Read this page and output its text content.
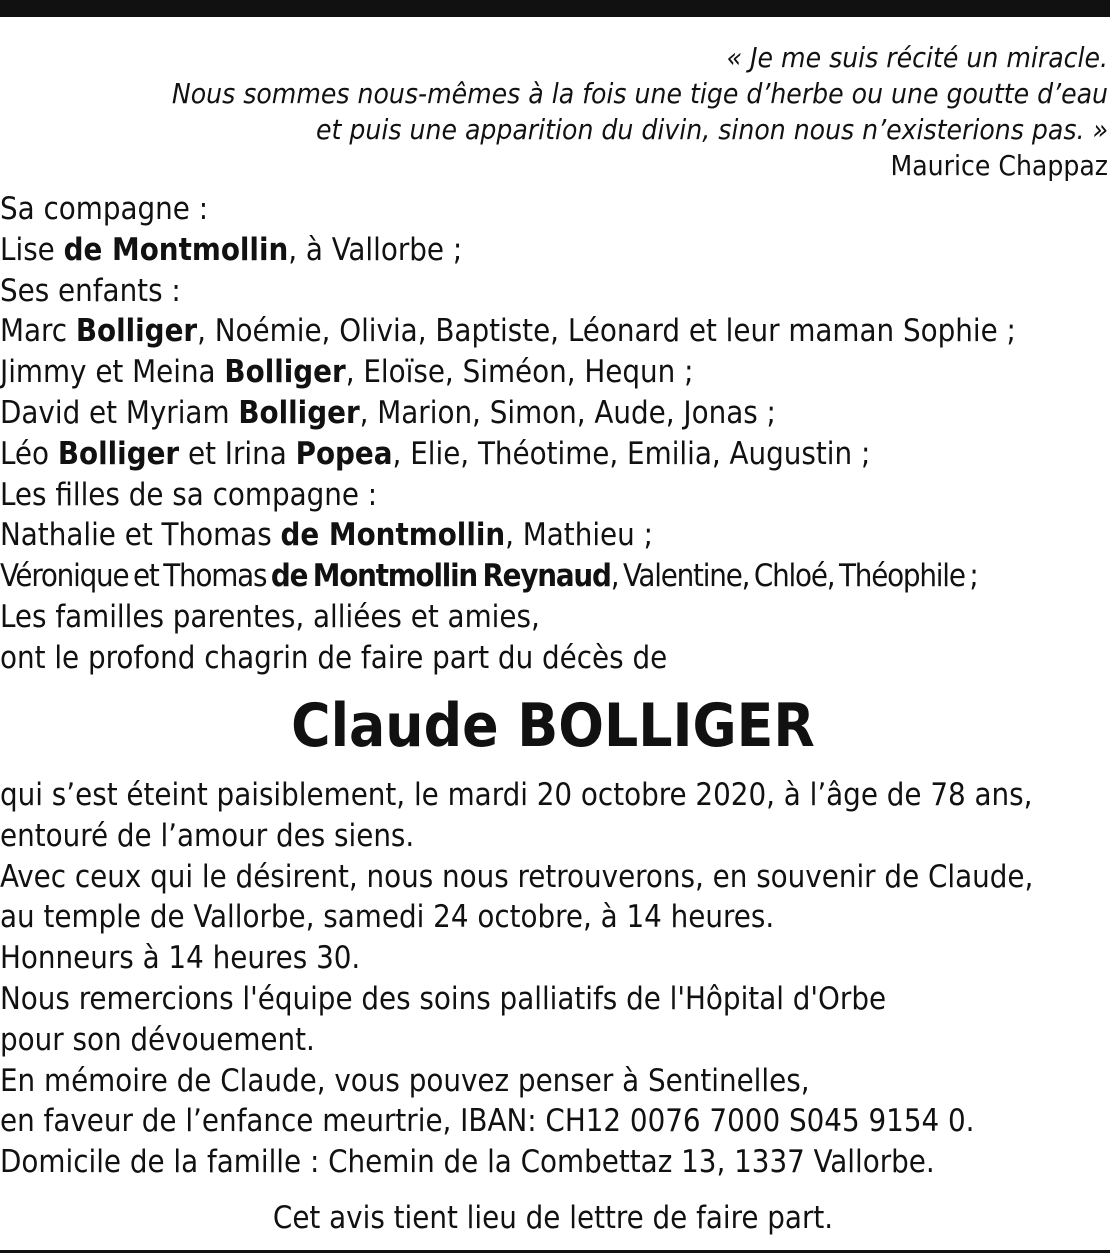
« Je me suis récité un miracle.
Nous sommes nous-mêmes à la fois une tige d’herbe ou une goutte d’eau
et puis une apparition du divin, sinon nous n’existerions pas. »
Maurice Chappaz
Sa compagne :
Lise de Montmollin, à Vallorbe ;
Ses enfants :
Marc Bolliger, Noémie, Olivia, Baptiste, Léonard et leur maman Sophie ;
Jimmy et Meina Bolliger, Eloïse, Siméon, Hequn ;
David et Myriam Bolliger, Marion, Simon, Aude, Jonas ;
Léo Bolliger et Irina Popea, Elie, Théotime, Emilia, Augustin ;
Les filles de sa compagne :
Nathalie et Thomas de Montmollin, Mathieu ;
Véronique et Thomas de Montmollin Reynaud, Valentine, Chloé, Théophile ;
Les familles parentes, alliées et amies,
ont le profond chagrin de faire part du décès de
Claude BOLLIGER
qui s’est éteint paisiblement, le mardi 20 octobre 2020, à l’âge de 78 ans,
entouré de l’amour des siens.
Avec ceux qui le désirent, nous nous retrouverons, en souvenir de Claude,
au temple de Vallorbe, samedi 24 octobre, à 14 heures.
Honneurs à 14 heures 30.
Nous remercions l'équipe des soins palliatifs de l'Hôpital d'Orbe
pour son dévouement.
En mémoire de Claude, vous pouvez penser à Sentinelles,
en faveur de l’enfance meurtrie, IBAN: CH12 0076 7000 S045 9154 0.
Domicile de la famille : Chemin de la Combettaz 13, 1337 Vallorbe.
Cet avis tient lieu de lettre de faire part.
